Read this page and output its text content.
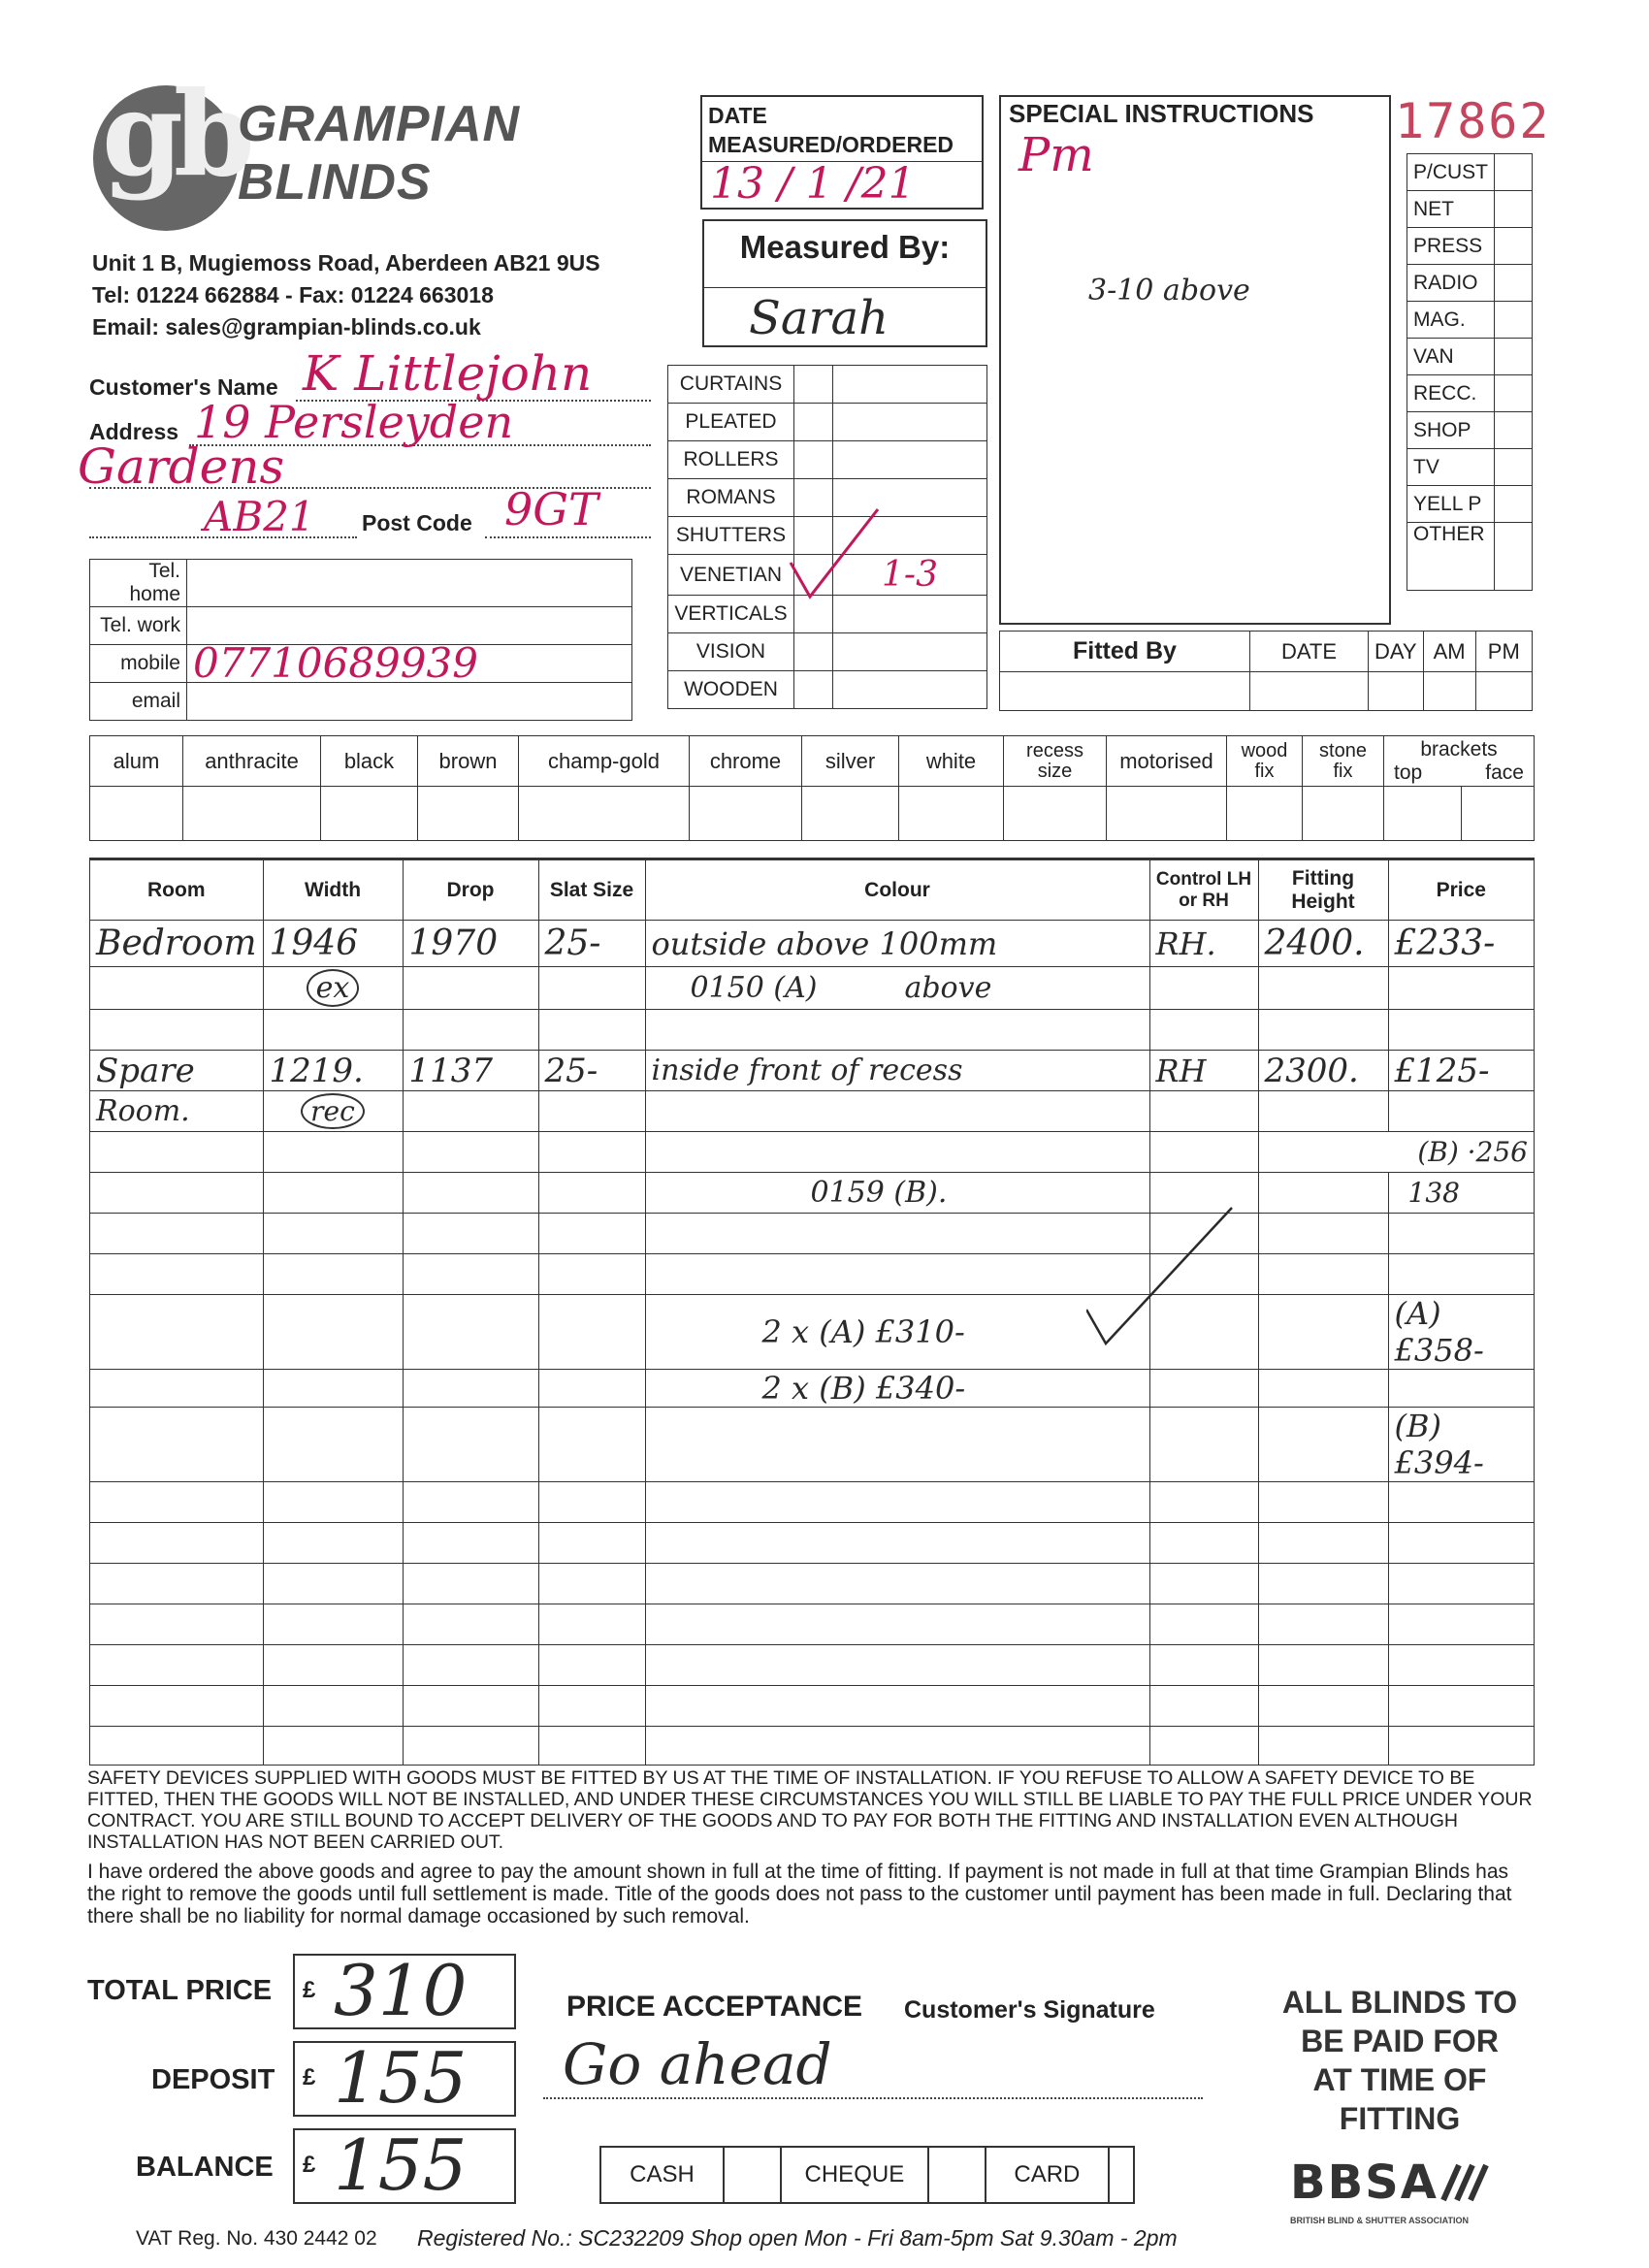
gb
GRAMPIAN
BLINDS
Unit 1 B, Mugiemoss Road, Aberdeen AB21 9US
Tel: 01224 662884 - Fax: 01224 663018
Email: sales@grampian-blinds.co.uk
DATE
MEASURED/ORDERED
13 / 1 /21
Measured By:
Sarah
SPECIAL INSTRUCTIONS
Pm
3-10 above
17862
P/CUST	
NET	
PRESS	
RADIO	
MAG.	
VAN	
RECC.	
SHOP	
TV	
YELL P	
OTHER	
Fitted By	DATE	DAY	AM	PM

Customer's Name K Littlejohn
Address 19 Persleyden
Gardens
AB21 Post Code 9GT
Tel. home	
Tel. work	
mobile	07710689939
email	
CURTAINS		
PLEATED		
ROLLERS		
ROMANS		
SHUTTERS		
VENETIAN		1-3
VERTICALS		
VISION		
WOODEN		
alum	anthracite	black	brown	champ-gold	chrome	silver	white	recess size	motorised	wood fix	stone fix	brackets
top face	

Room	Width	Drop	Slat Size	Colour	Control LH or RH	Fitting Height	Price
Bedroom	1946	1970	25-	outside above 100mm	RH.	2400.	£233-
	ex			0150 (A) above			

Spare	1219.	1137	25-	inside front of recess	RH	2300.	£125-
Room.	rec						
						(B) ·256	
				0159 (B).			138

				2 x (A) £310-			(A) £358-
				2 x (B) £340-			
							(B) £394-

SAFETY DEVICES SUPPLIED WITH GOODS MUST BE FITTED BY US AT THE TIME OF INSTALLATION. IF YOU REFUSE TO ALLOW A SAFETY DEVICE TO BE FITTED, THEN THE GOODS WILL NOT BE INSTALLED, AND UNDER THESE CIRCUMSTANCES YOU WILL STILL BE LIABLE TO PAY THE FULL PRICE UNDER YOUR CONTRACT. YOU ARE STILL BOUND TO ACCEPT DELIVERY OF THE GOODS AND TO PAY FOR BOTH THE FITTING AND INSTALLATION EVEN ALTHOUGH INSTALLATION HAS NOT BEEN CARRIED OUT.
I have ordered the above goods and agree to pay the amount shown in full at the time of fitting. If payment is not made in full at that time Grampian Blinds has the right to remove the goods until full settlement is made. Title of the goods does not pass to the customer until payment has been made in full. Declaring that there shall be no liability for normal damage occasioned by such removal.
TOTAL PRICE £ 310
DEPOSIT £ 155
BALANCE £ 155
PRICE ACCEPTANCE Customer's Signature
Go ahead
CASH		CHEQUE		CARD	
ALL BLINDS TO
BE PAID FOR
AT TIME OF
FITTING
BBSA
BRITISH BLIND & SHUTTER ASSOCIATION
VAT Reg. No. 430 2442 02 Registered No.: SC232209 Shop open Mon - Fri 8am-5pm Sat 9.30am - 2pm
